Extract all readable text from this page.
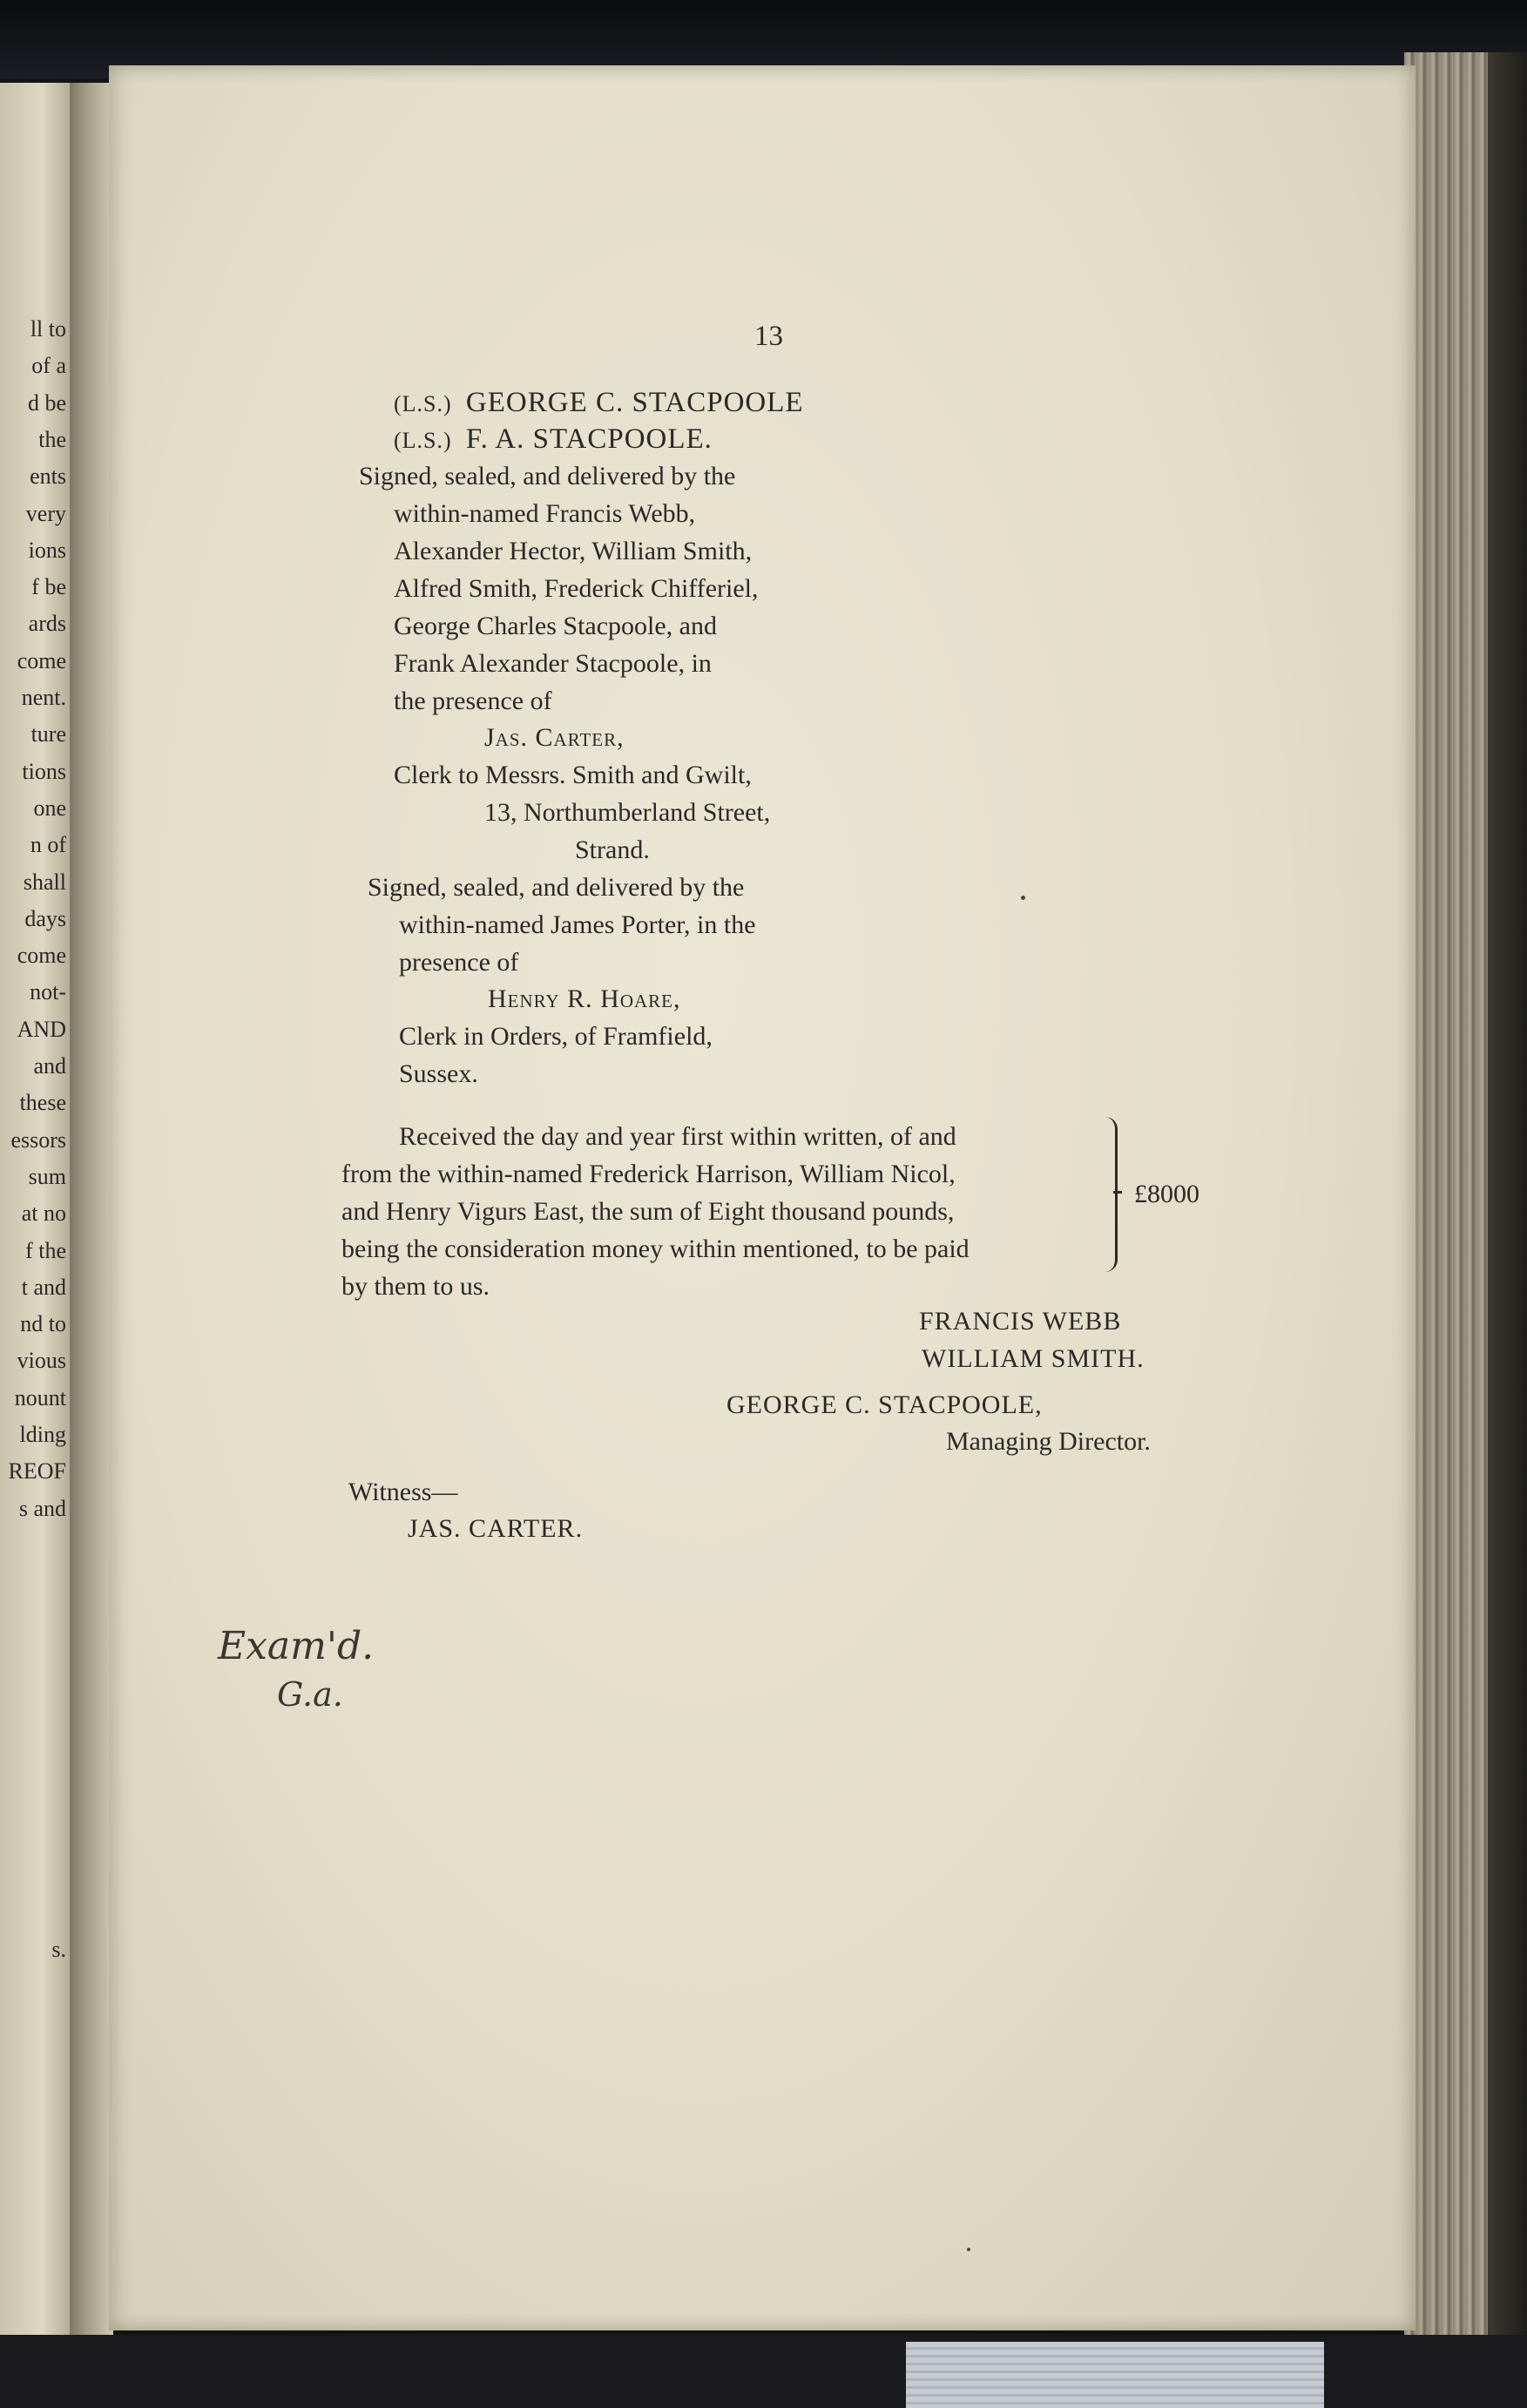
ll to
of a
d be
the
ents
very
ions
f be
ards
come
nent.
ture
tions
one
n of
shall
days
come
not-
AND
and
these
essors
sum
at no
f the
t and
nd to
vious
nount
lding
REOF
s and
s.
13
(L.S.) GEORGE C. STACPOOLE
(L.S.) F. A. STACPOOLE.
Signed, sealed, and delivered by the
within-named Francis Webb,
Alexander Hector, William Smith,
Alfred Smith, Frederick Chifferiel,
George Charles Stacpoole, and
Frank Alexander Stacpoole, in
the presence of
Jas. Carter,
Clerk to Messrs. Smith and Gwilt,
13, Northumberland Street,
Strand.
Signed, sealed, and delivered by the
within-named James Porter, in the
presence of
Henry R. Hoare,
Clerk in Orders, of Framfield,
Sussex.
Received the day and year first within written, of and
from the within-named Frederick Harrison, William Nicol,
and Henry Vigurs East, the sum of Eight thousand pounds,
being the consideration money within mentioned, to be paid
by them to us.
£8000
FRANCIS WEBB
WILLIAM SMITH.
GEORGE C. STACPOOLE,
Managing Director.
Witness—
JAS. CARTER.
Exam'd.
G.a.
